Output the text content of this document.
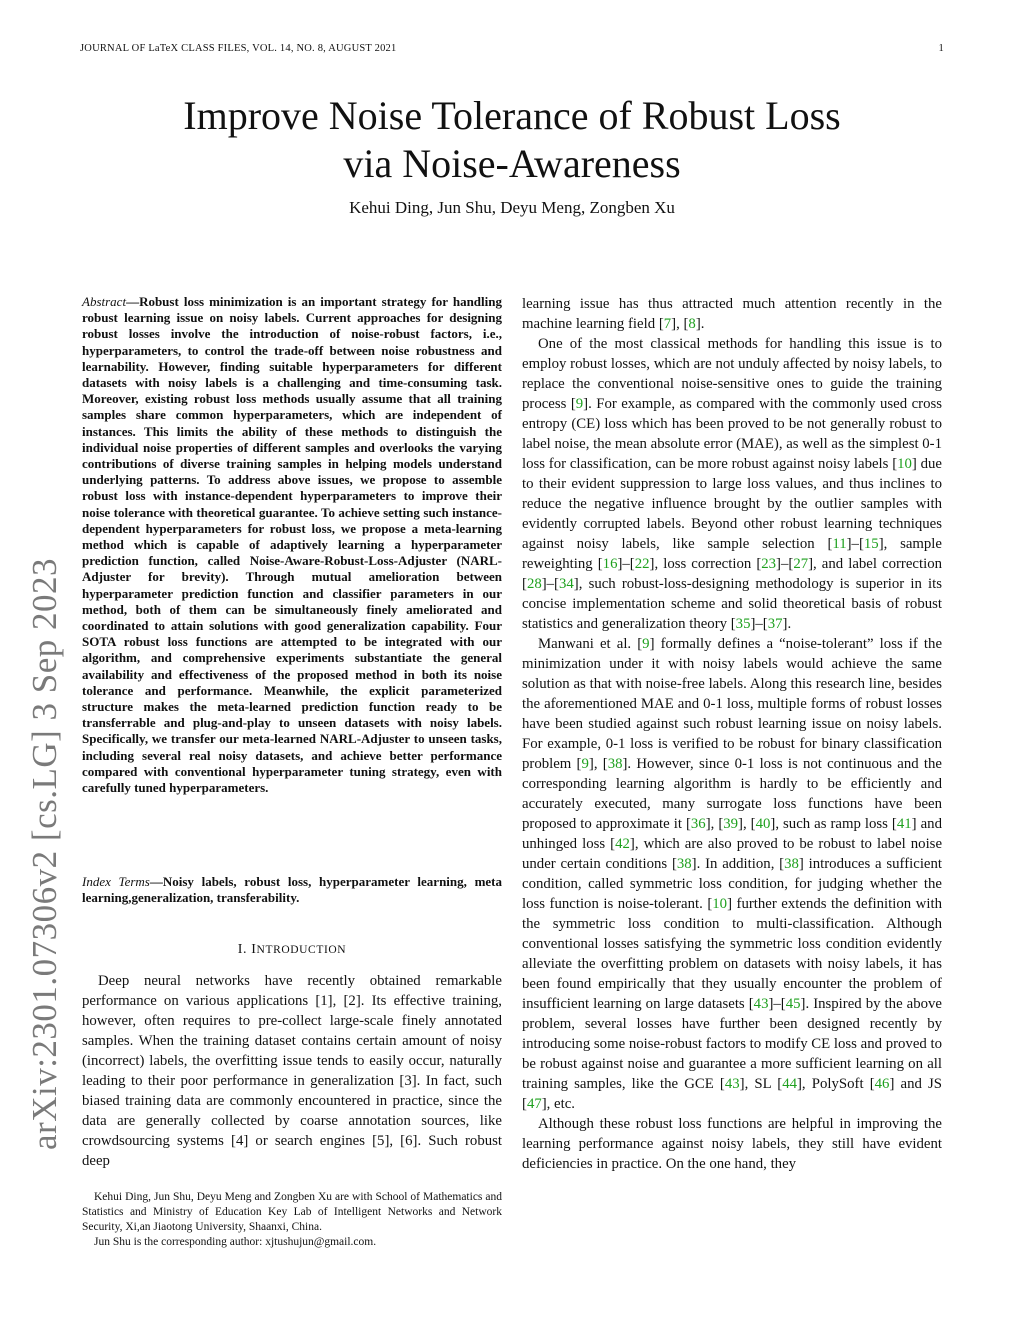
JOURNAL OF LaTeX CLASS FILES, VOL. 14, NO. 8, AUGUST 2021	1
Improve Noise Tolerance of Robust Loss
via Noise-Awareness
Kehui Ding, Jun Shu, Deyu Meng, Zongben Xu
arXiv:2301.07306v2 [cs.LG] 3 Sep 2023
Abstract—Robust loss minimization is an important strategy for handling robust learning issue on noisy labels. Current approaches for designing robust losses involve the introduction of noise-robust factors, i.e., hyperparameters, to control the trade-off between noise robustness and learnability. However, finding suitable hyperparameters for different datasets with noisy labels is a challenging and time-consuming task. Moreover, existing robust loss methods usually assume that all training samples share common hyperparameters, which are independent of instances. This limits the ability of these methods to distinguish the individual noise properties of different samples and overlooks the varying contributions of diverse training samples in helping models understand underlying patterns. To address above issues, we propose to assemble robust loss with instance-dependent hyperparameters to improve their noise tolerance with theoretical guarantee. To achieve setting such instance-dependent hyperparameters for robust loss, we propose a meta-learning method which is capable of adaptively learning a hyperparameter prediction function, called Noise-Aware-Robust-Loss-Adjuster (NARL-Adjuster for brevity). Through mutual amelioration between hyperparameter prediction function and classifier parameters in our method, both of them can be simultaneously finely ameliorated and coordinated to attain solutions with good generalization capability. Four SOTA robust loss functions are attempted to be integrated with our algorithm, and comprehensive experiments substantiate the general availability and effectiveness of the proposed method in both its noise tolerance and performance. Meanwhile, the explicit parameterized structure makes the meta-learned prediction function ready to be transferrable and plug-and-play to unseen datasets with noisy labels. Specifically, we transfer our meta-learned NARL-Adjuster to unseen tasks, including several real noisy datasets, and achieve better performance compared with conventional hyperparameter tuning strategy, even with carefully tuned hyperparameters.
Index Terms—Noisy labels, robust loss, hyperparameter learning, meta learning,generalization, transferability.
I. INTRODUCTION

Deep neural networks have recently obtained remarkable performance on various applications [1], [2]. Its effective training, however, often requires to pre-collect large-scale finely annotated samples. When the training dataset contains certain amount of noisy (incorrect) labels, the overfitting issue tends to easily occur, naturally leading to their poor performance in generalization [3]. In fact, such biased training data are commonly encountered in practice, since the data are generally collected by coarse annotation sources, like crowdsourcing systems [4] or search engines [5], [6]. Such robust deep

learning issue has thus attracted much attention recently in the machine learning field [7], [8].

One of the most classical methods for handling this issue is to employ robust losses, which are not unduly affected by noisy labels, to replace the conventional noise-sensitive ones to guide the training process [9]. For example, as compared with the commonly used cross entropy (CE) loss which has been proved to be not generally robust to label noise, the mean absolute error (MAE), as well as the simplest 0-1 loss for classification, can be more robust against noisy labels [10] due to their evident suppression to large loss values, and thus inclines to reduce the negative influence brought by the outlier samples with evidently corrupted labels. Beyond other robust learning techniques against noisy labels, like sample selection [11]–[15], sample reweighting [16]–[22], loss correction [23]–[27], and label correction [28]–[34], such robust-loss-designing methodology is superior in its concise implementation scheme and solid theoretical basis of robust statistics and generalization theory [35]–[37].

Manwani et al. [9] formally defines a “noise-tolerant” loss if the minimization under it with noisy labels would achieve the same solution as that with noise-free labels. Along this research line, besides the aforementioned MAE and 0-1 loss, multiple forms of robust losses have been studied against such robust learning issue on noisy labels. For example, 0-1 loss is verified to be robust for binary classification problem [9], [38]. However, since 0-1 loss is not continuous and the corresponding learning algorithm is hardly to be efficiently and accurately executed, many surrogate loss functions have been proposed to approximate it [36], [39], [40], such as ramp loss [41] and unhinged loss [42], which are also proved to be robust to label noise under certain conditions [38]. In addition, [38] introduces a sufficient condition, called symmetric loss condition, for judging whether the loss function is noise-tolerant. [10] further extends the definition with the symmetric loss condition to multi-classification. Although conventional losses satisfying the symmetric loss condition evidently alleviate the overfitting problem on datasets with noisy labels, it has been found empirically that they usually encounter the problem of insufficient learning on large datasets [43]–[45]. Inspired by the above problem, several losses have further been designed recently by introducing some noise-robust factors to modify CE loss and proved to be robust against noise and guarantee a more sufficient learning on all training samples, like the GCE [43], SL [44], PolySoft [46] and JS [47], etc.

Although these robust loss functions are helpful in improving the learning performance against noisy labels, they still have evident deficiencies in practice. On the one hand, they

Kehui Ding, Jun Shu, Deyu Meng and Zongben Xu are with School of Mathematics and Statistics and Ministry of Education Key Lab of Intelligent Networks and Network Security, Xi,an Jiaotong University, Shaanxi, China.

Jun Shu is the corresponding author: xjtushujun@gmail.com.
